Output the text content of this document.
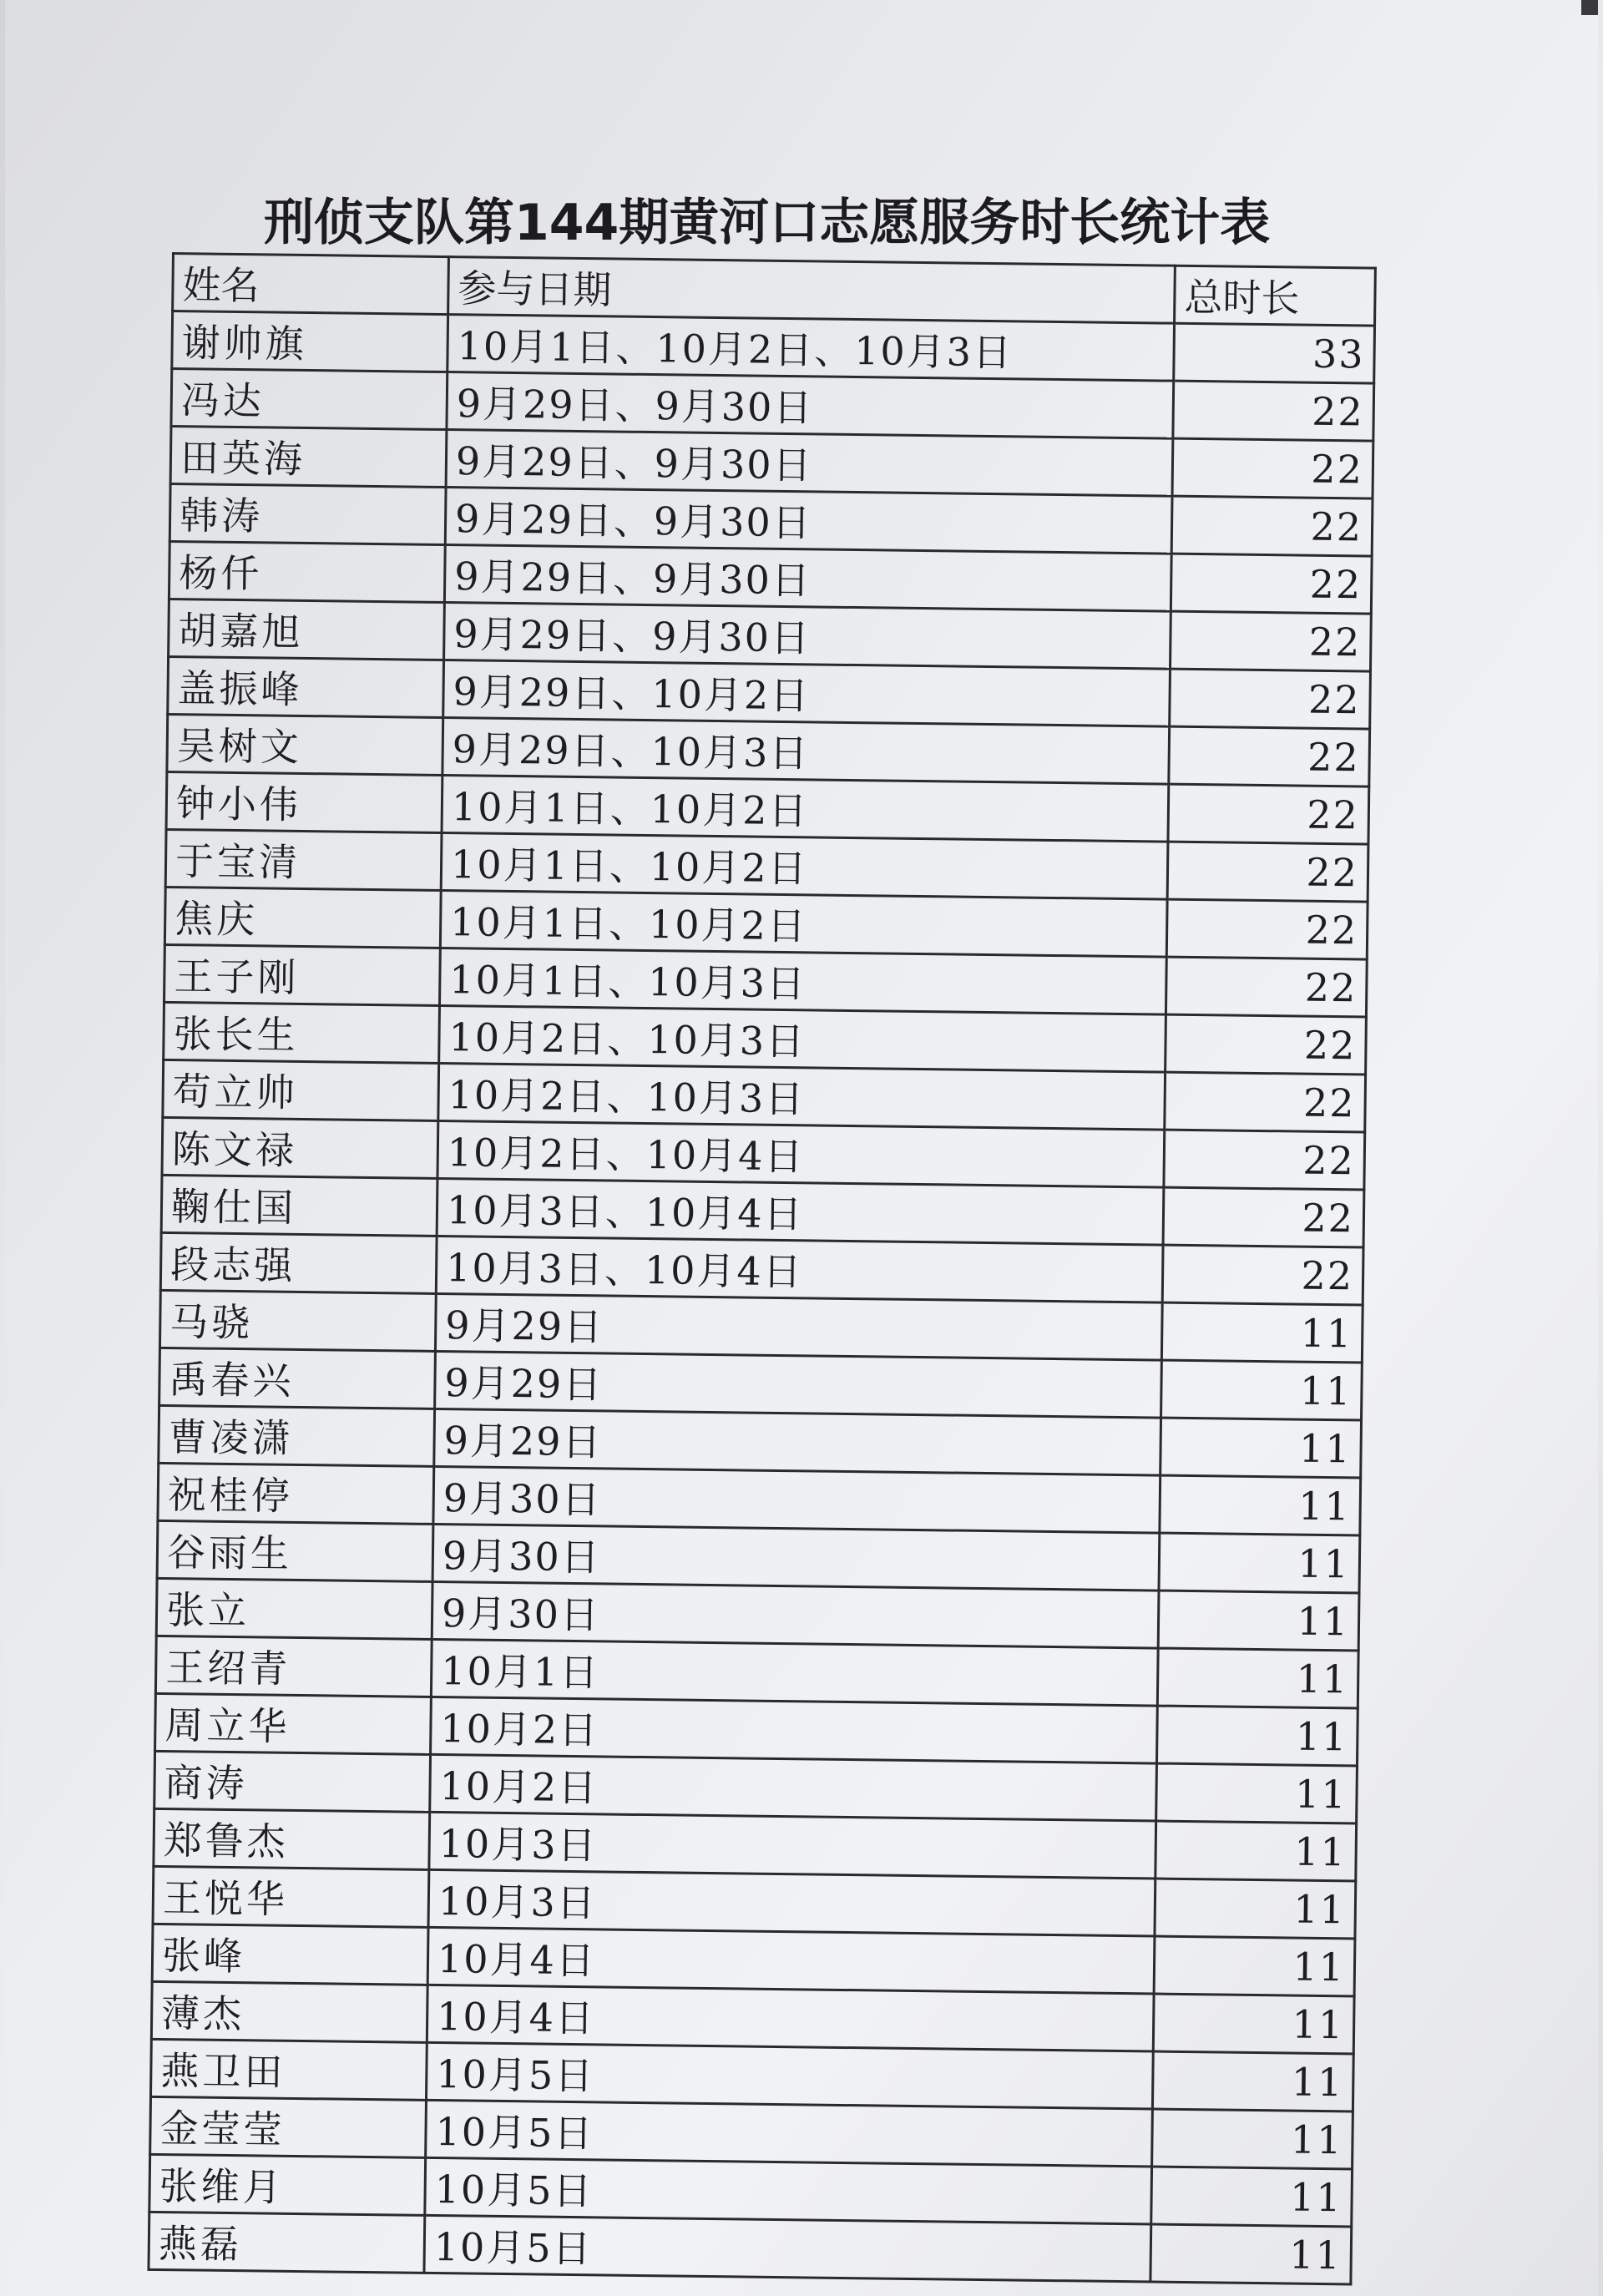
刑侦支队第144期黄河口志愿服务时长统计表
姓名	参与日期	总时长
谢帅旗	10月1日、10月2日、10月3日	33
冯达	9月29日、9月30日	22
田英海	9月29日、9月30日	22
韩涛	9月29日、9月30日	22
杨仟	9月29日、9月30日	22
胡嘉旭	9月29日、9月30日	22
盖振峰	9月29日、10月2日	22
吴树文	9月29日、10月3日	22
钟小伟	10月1日、10月2日	22
于宝清	10月1日、10月2日	22
焦庆	10月1日、10月2日	22
王子刚	10月1日、10月3日	22
张长生	10月2日、10月3日	22
苟立帅	10月2日、10月3日	22
陈文禄	10月2日、10月4日	22
鞠仕国	10月3日、10月4日	22
段志强	10月3日、10月4日	22
马骁	9月29日	11
禹春兴	9月29日	11
曹凌潇	9月29日	11
祝桂停	9月30日	11
谷雨生	9月30日	11
张立	9月30日	11
王绍青	10月1日	11
周立华	10月2日	11
商涛	10月2日	11
郑鲁杰	10月3日	11
王悦华	10月3日	11
张峰	10月4日	11
薄杰	10月4日	11
燕卫田	10月5日	11
金莹莹	10月5日	11
张维月	10月5日	11
燕磊	10月5日	11
